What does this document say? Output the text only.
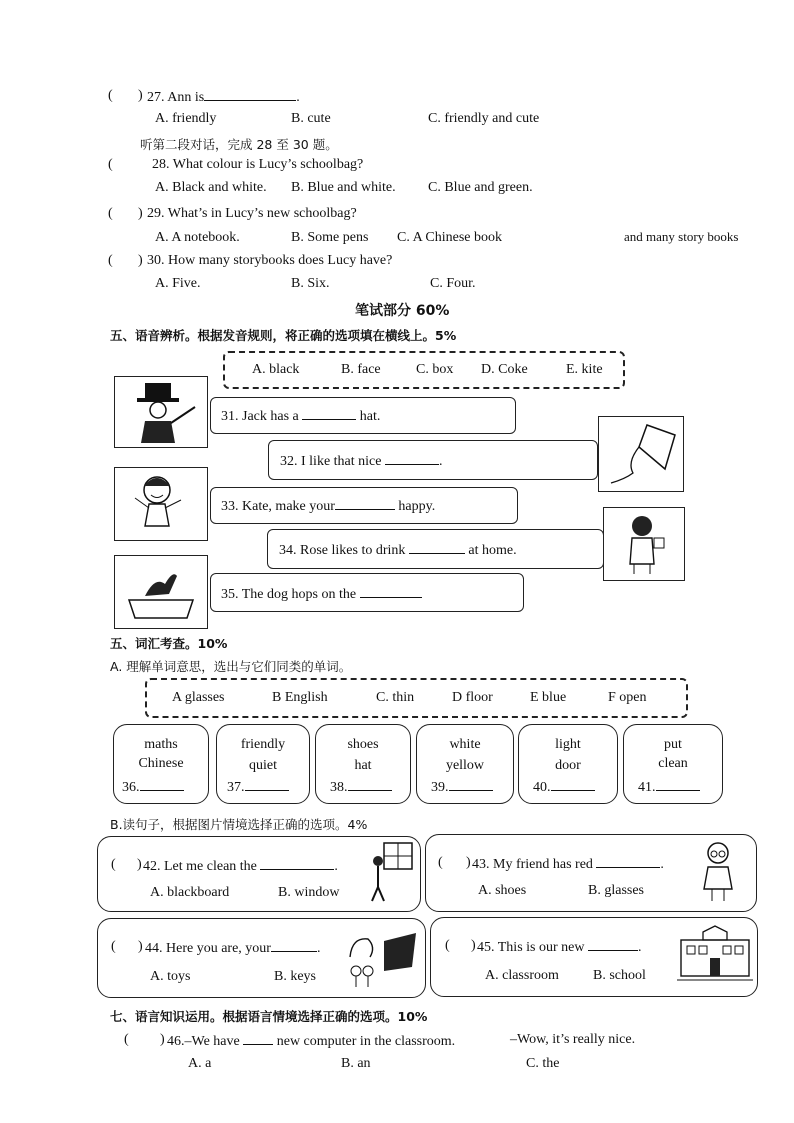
( ) 27. Ann is	.
A. friendly	B. cute	C. friendly and cute
听第二段对话，完成 28 至 30 题。
(	28. What colour is Lucy’s schoolbag?
A. Black and white. B. Blue and white. C. Blue and green.
( ) 29. What’s in Lucy’s new schoolbag?
A. A notebook.	B. Some pens C. A Chinese book	and many story books
( ) 30. How many storybooks does Lucy have?
A. Five.	B. Six.	C. Four.
笔试部分 60%
五、语音辨析。根据发音规则，将正确的选项填在横线上。5%
A. black	B. face	C. box D. Coke	E. kite
31. Jack has a	hat.
32. I like that nice	.
33. Kate, make your	happy.
34. Rose likes to drink	at home.
35. The dog hops on the
五、词汇考查。10%
A. 理解单词意思，选出与它们同类的单词。
A glasses	B English	C. thin	D floor	E blue	F open
maths
Chinese
36.
friendly
quiet
37.
shoes
hat
38.
white
yellow
39.
light
door
40.
put
clean
41.
B.读句子，根据图片情境选择正确的选项。4%
( ) 42. Let me clean the	.
A. blackboard	B. window
( ) 43. My friend has red	.
A. shoes	B. glasses
( ) 44. Here you are, your	.
A. toys	B. keys
( ) 45. This is our new	.
A. classroom B. school
七、语言知识运用。根据语言情境选择正确的选项。10%
( ) 46.–We have	new computer in the classroom.	–Wow, it’s really nice.
A. a	B. an	C. the
